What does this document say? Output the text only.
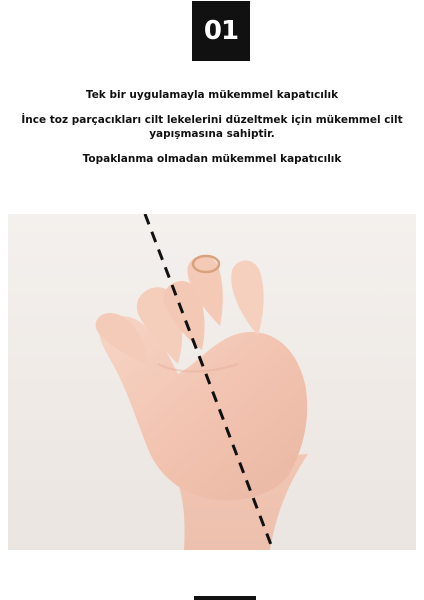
01

Tek bir uygulamayla mükemmel kapatıcılık

İnce toz parçacıkları cilt lekelerini düzeltmek için mükemmel cilt yapışmasına sahiptir.

Topaklanma olmadan mükemmel kapatıcılık
